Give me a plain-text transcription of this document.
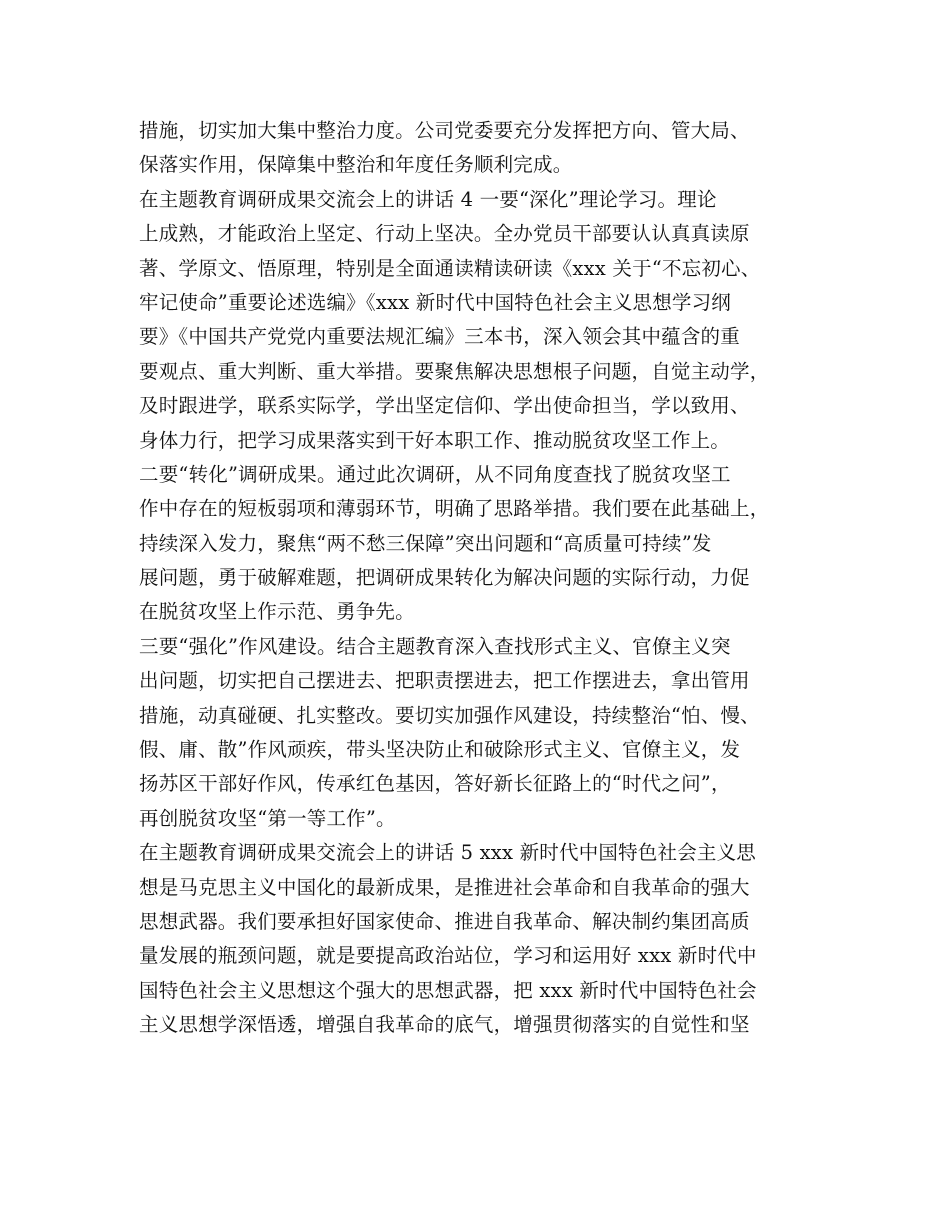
措施，切实加大集中整治力度。公司党委要充分发挥把方向、管大局、
保落实作用，保障集中整治和年度任务顺利完成。
在主题教育调研成果交流会上的讲话 4 一要“深化”理论学习。理论
上成熟，才能政治上坚定、行动上坚决。全办党员干部要认认真真读原
著、学原文、悟原理，特别是全面通读精读研读《xxx 关于“不忘初心、
牢记使命”重要论述选编》《xxx 新时代中国特色社会主义思想学习纲
要》《中国共产党党内重要法规汇编》三本书，深入领会其中蕴含的重
要观点、重大判断、重大举措。要聚焦解决思想根子问题，自觉主动学，
及时跟进学，联系实际学，学出坚定信仰、学出使命担当，学以致用、
身体力行，把学习成果落实到干好本职工作、推动脱贫攻坚工作上。
二要“转化”调研成果。通过此次调研，从不同角度查找了脱贫攻坚工
作中存在的短板弱项和薄弱环节，明确了思路举措。我们要在此基础上，
持续深入发力，聚焦“两不愁三保障”突出问题和“高质量可持续”发
展问题，勇于破解难题，把调研成果转化为解决问题的实际行动，力促
在脱贫攻坚上作示范、勇争先。
三要“强化”作风建设。结合主题教育深入查找形式主义、官僚主义突
出问题，切实把自己摆进去、把职责摆进去，把工作摆进去，拿出管用
措施，动真碰硬、扎实整改。要切实加强作风建设，持续整治“怕、慢、
假、庸、散”作风顽疾，带头坚决防止和破除形式主义、官僚主义，发
扬苏区干部好作风，传承红色基因，答好新长征路上的“时代之问”，
再创脱贫攻坚“第一等工作”。
在主题教育调研成果交流会上的讲话 5 xxx 新时代中国特色社会主义思
想是马克思主义中国化的最新成果，是推进社会革命和自我革命的强大
思想武器。我们要承担好国家使命、推进自我革命、解决制约集团高质
量发展的瓶颈问题，就是要提高政治站位，学习和运用好 xxx 新时代中
国特色社会主义思想这个强大的思想武器，把 xxx 新时代中国特色社会
主义思想学深悟透，增强自我革命的底气，增强贯彻落实的自觉性和坚
